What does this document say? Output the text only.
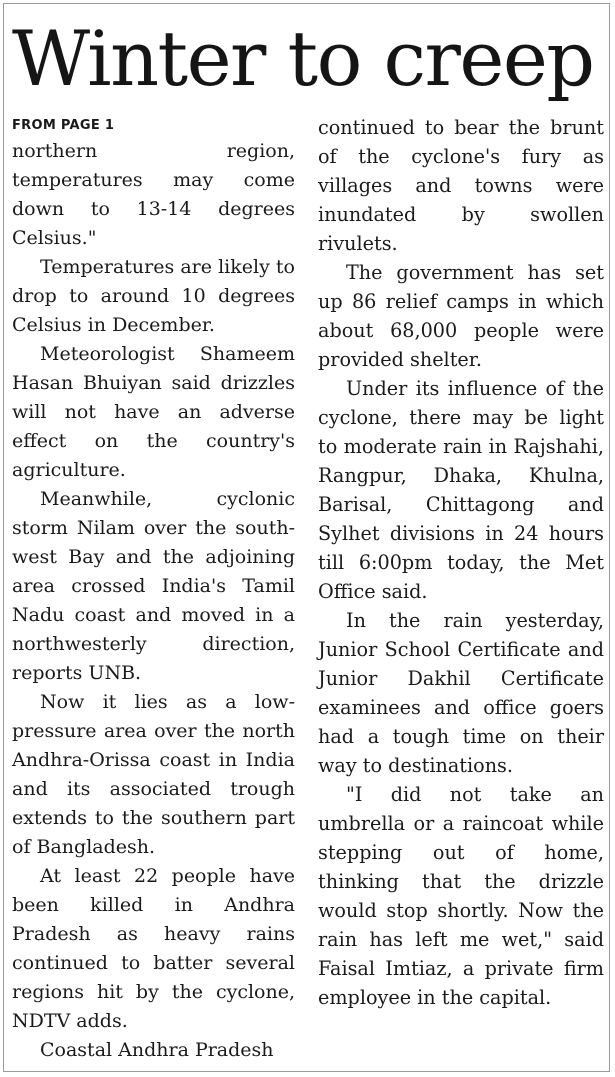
Winter to creep
FROM PAGE 1

northern region, temperatures may come down to 13-14 degrees Celsius."

Temperatures are likely to drop to around 10 degrees Celsius in December.

Meteorologist Shameem Hasan Bhuiyan said drizzles will not have an adverse effect on the country's agriculture.

Meanwhile, cyclonic storm Nilam over the south-west Bay and the adjoining area crossed India's Tamil Nadu coast and moved in a northwesterly direction, reports UNB.

Now it lies as a low-pressure area over the north Andhra-Orissa coast in India and its associated trough extends to the southern part of Bangladesh.

At least 22 people have been killed in Andhra Pradesh as heavy rains continued to batter several regions hit by the cyclone, NDTV adds.

Coastal Andhra Pradesh

continued to bear the brunt of the cyclone's fury as villages and towns were inundated by swollen rivulets.

The government has set up 86 relief camps in which about 68,000 people were provided shelter.

Under its influence of the cyclone, there may be light to moderate rain in Rajshahi, Rangpur, Dhaka, Khulna, Barisal, Chittagong and Sylhet divisions in 24 hours till 6:00pm today, the Met Office said.

In the rain yesterday, Junior School Certificate and Junior Dakhil Certificate examinees and office goers had a tough time on their way to destinations.

"I did not take an umbrella or a raincoat while stepping out of home, thinking that the drizzle would stop shortly. Now the rain has left me wet," said Faisal Imtiaz, a private firm employee in the capital.
